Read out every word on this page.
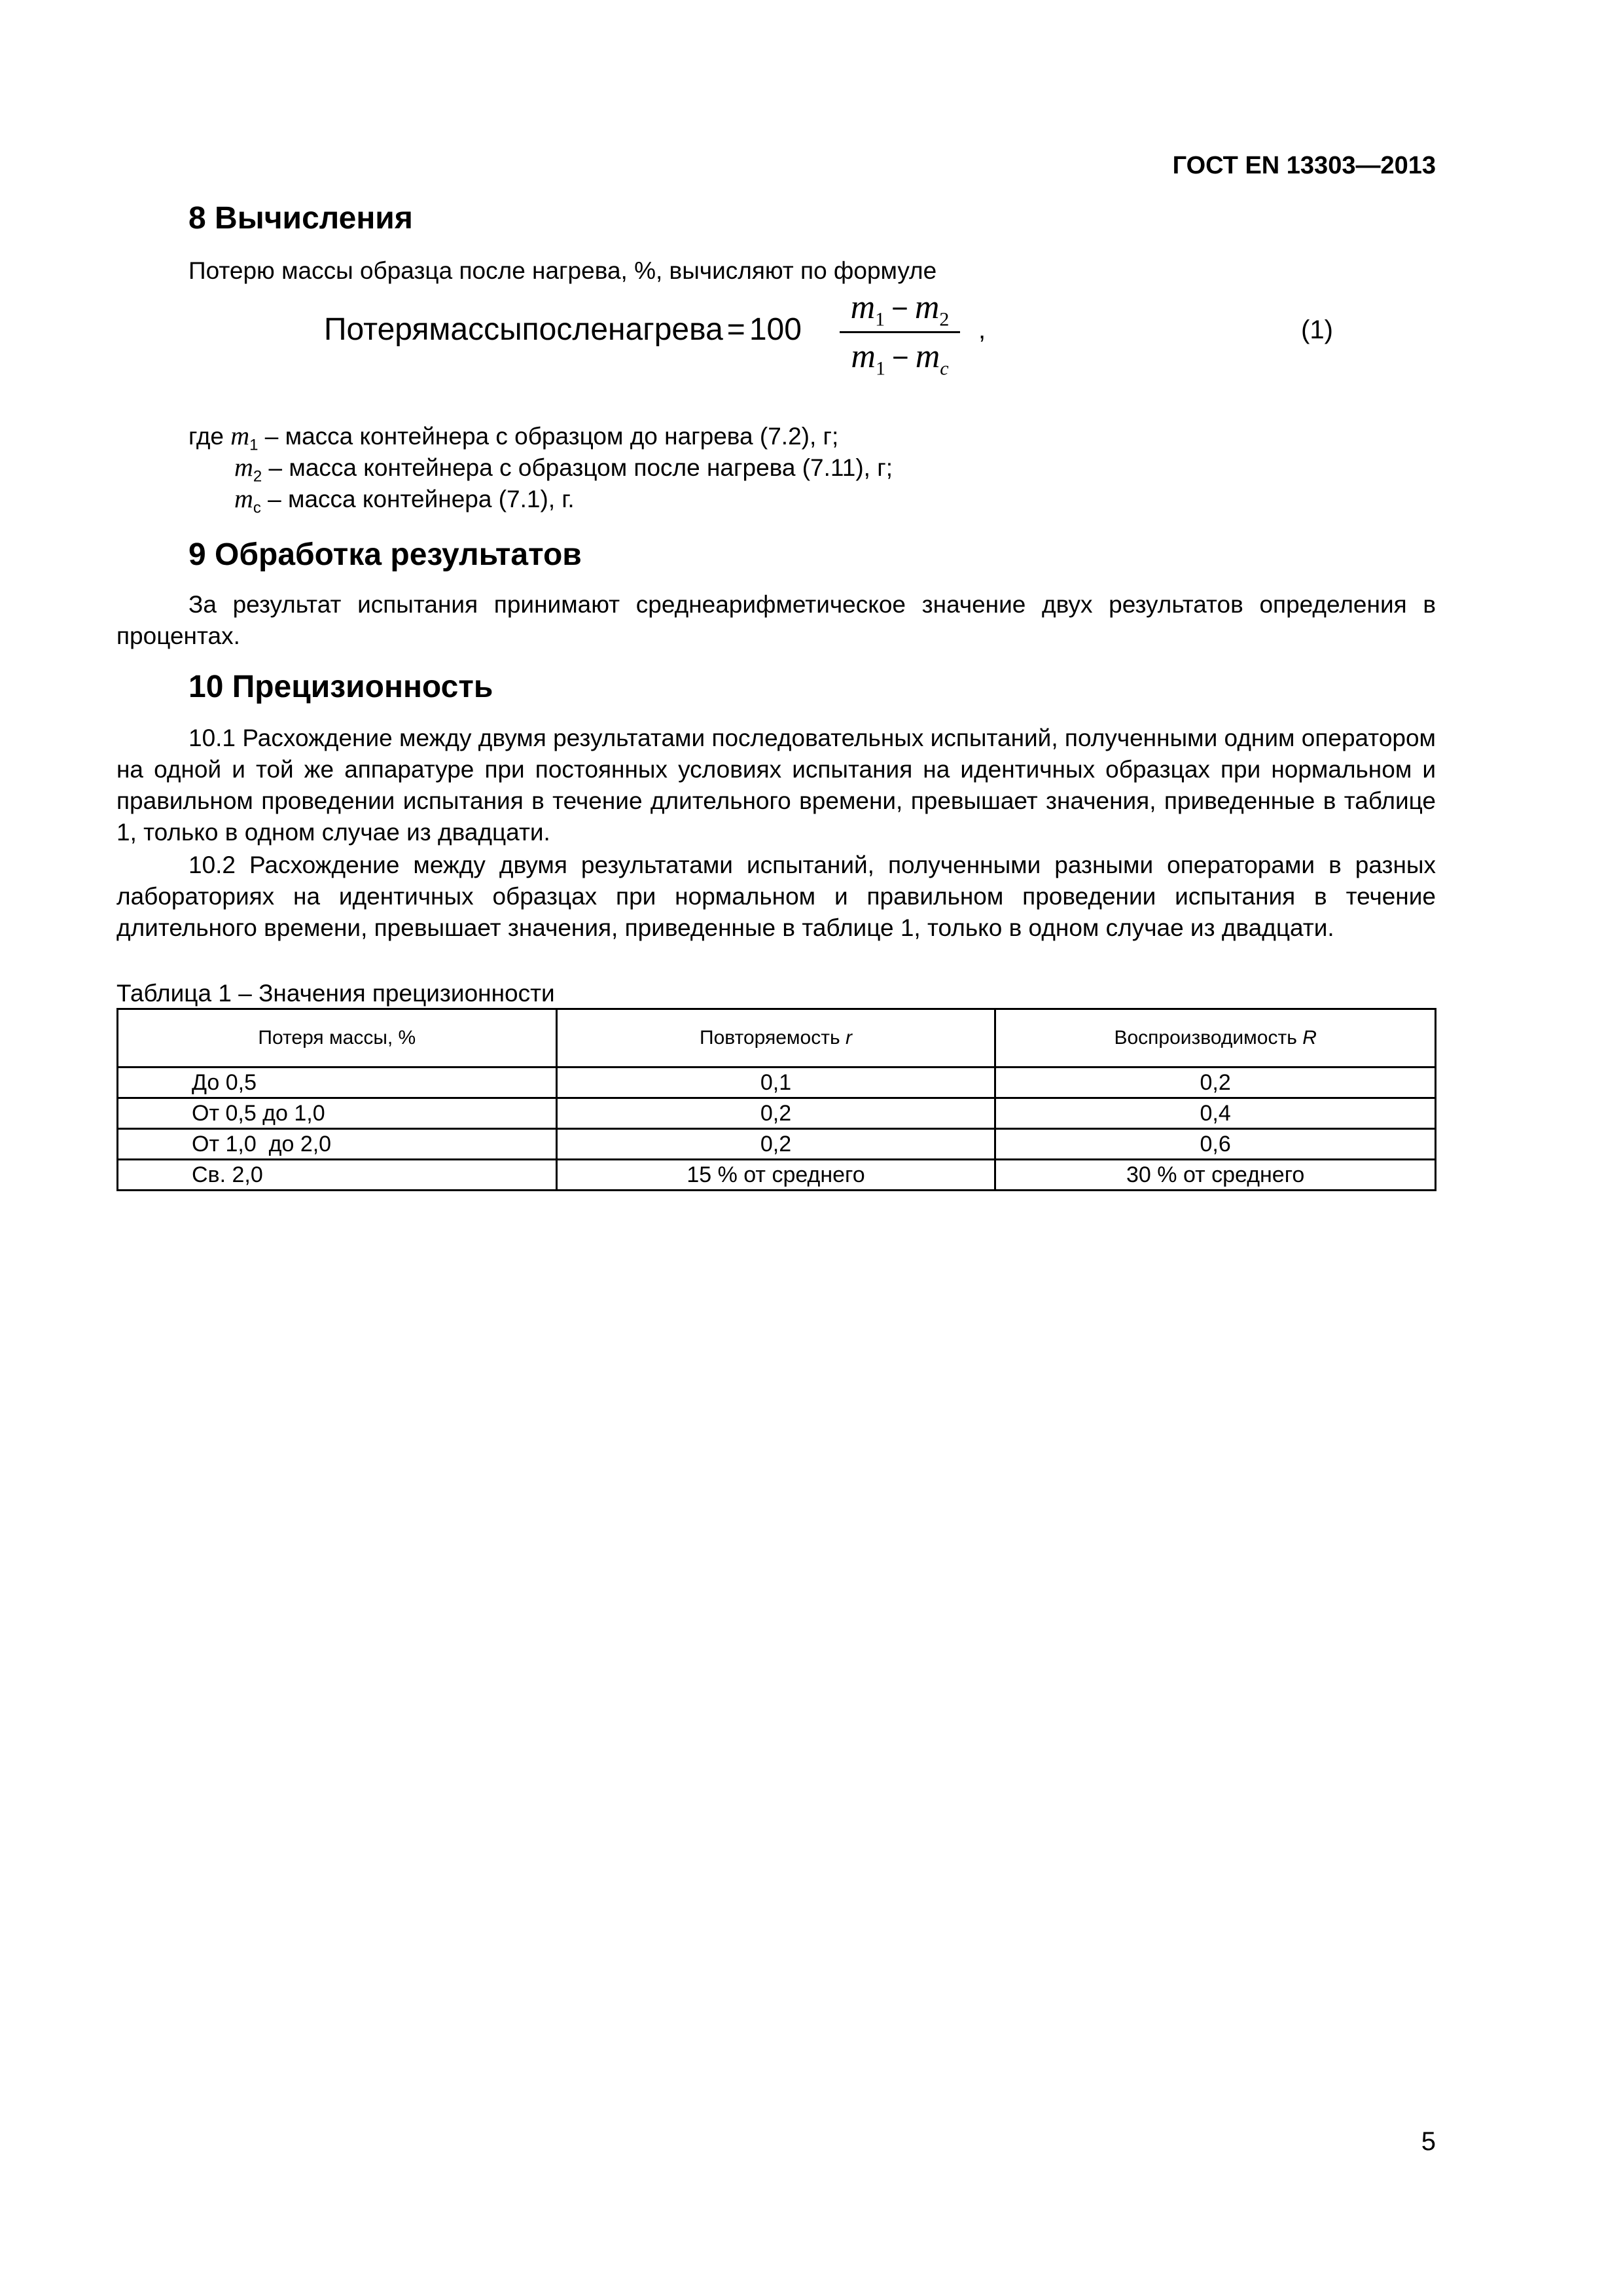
ГОСТ EN 13303—2013
8 Вычисления
Потерю массы образца после нагрева, %, вычисляют по формуле
Потерямассыпосленагрева = 100
$m_1 - m_2$
$m_1 - m_c$
,	(1)
где $m_1$ – масса контейнера с образцом до нагрева (7.2), г;
$m_2$ – масса контейнера с образцом после нагрева (7.11), г;
$m_c$ – масса контейнера (7.1), г.
9 Обработка результатов
За результат испытания принимают среднеарифметическое значение двух результатов определения в процентах.
10 Прецизионность
10.1 Расхождение между двумя результатами последовательных испытаний, полученными одним оператором на одной и той же аппаратуре при постоянных условиях испытания на идентичных образцах при нормальном и правильном проведении испытания в течение длительного времени, превышает значения, приведенные в таблице 1, только в одном случае из двадцати.
10.2 Расхождение между двумя результатами испытаний, полученными разными операторами в разных лабораториях на идентичных образцах при нормальном и правильном проведении испытания в течение длительного времени, превышает значения, приведенные в таблице 1, только в одном случае из двадцати.
Таблица 1 – Значения прецизионности
Потеря массы, %	Повторяемость r	Воспроизводимость R
До 0,5	0,1	0,2
От 0,5 до 1,0	0,2	0,4
От 1,0  до 2,0	0,2	0,6
Св. 2,0	15 % от среднего	30 % от среднего
5
